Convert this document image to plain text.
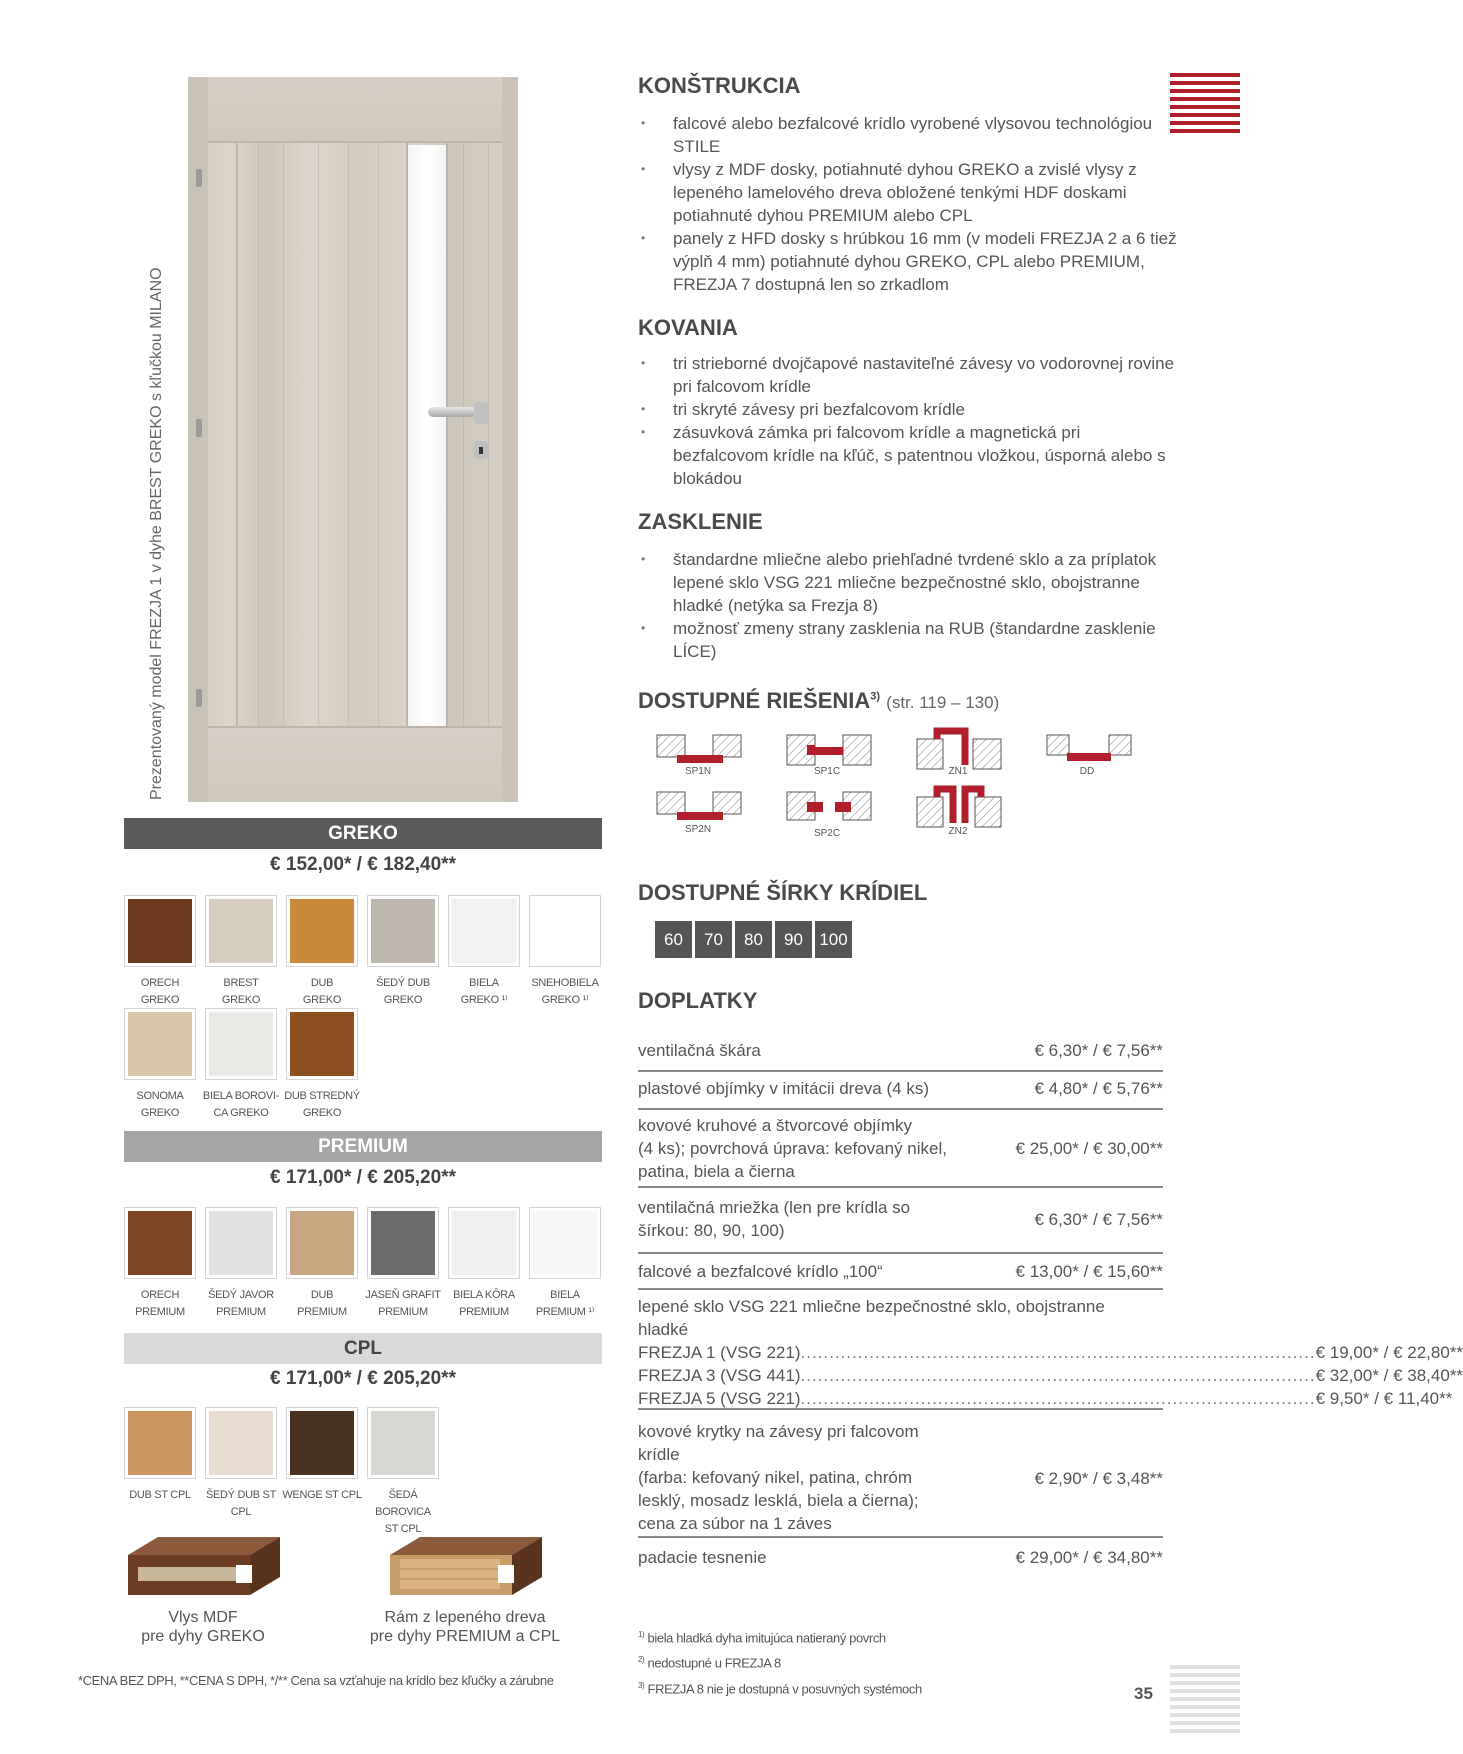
35
Prezentovaný model FREZJA 1 v dyhe BREST GREKO s kľučkou MILANO
GREKO
€ 152,00* / € 182,40**
ORECH
GREKO
BREST
GREKO
DUB
GREKO
ŠEDÝ DUB
GREKO
BIELA
GREKO ¹⁾
SNEHOBIELA
GREKO ¹⁾
SONOMA
GREKO
BIELA BOROVI-
CA GREKO
DUB STREDNÝ
GREKO
PREMIUM
€ 171,00* / € 205,20**
ORECH
PREMIUM
ŠEDÝ JAVOR
PREMIUM
DUB
PREMIUM
JASEŇ GRAFIT
PREMIUM
BIELA KÔRA
PREMIUM
BIELA
PREMIUM ¹⁾
CPL
€ 171,00* / € 205,20**
DUB ST CPL	ŠEDÝ DUB ST CPL
WENGE ST CPL	ŠEDÁ BOROVICA
ST CPL
Vlys MDF
pre dyhy GREKO
Rám z lepeného dreva
pre dyhy PREMIUM a CPL
*CENA BEZ DPH, **CENA S DPH, */** Cena sa vzťahuje na krídlo bez kľučky a zárubne
KONŠTRUKCIA
• falcové alebo bezfalcové krídlo vyrobené vlysovou technológiou STILE
• vlysy z MDF dosky, potiahnuté dyhou GREKO a zvislé vlysy z lepeného lamelového dreva obložené tenkými HDF doskami potiahnuté dyhou PREMIUM alebo CPL
• panely z HFD dosky s hrúbkou 16 mm (v modeli FREZJA 2 a 6 tiež výplň 4 mm) potiahnuté dyhou GREKO, CPL alebo PREMIUM, FREZJA 7 dostupná len so zrkadlom
KOVANIA
• tri strieborné dvojčapové nastaviteľné závesy vo vodorovnej rovine pri falcovom krídle
• tri skryté závesy pri bezfalcovom krídle
• zásuvková zámka pri falcovom krídle a magnetická pri bezfalcovom krídle na kľúč, s patentnou vložkou, úsporná alebo s blokádou
ZASKLENIE
• štandardne mliečne alebo priehľadné tvrdené sklo a za príplatok lepené sklo VSG 221 mliečne bezpečnostné sklo, obojstranne hladké (netýka sa Frezja 8)
• možnosť zmeny strany zasklenia na RUB (štandardne zasklenie LÍCE)
DOSTUPNÉ RIEŠENIA$^{3)}$ (str. 119 – 130)
SP1N	SP1C	ZN1	DD
SP2N	SP2C	ZN2
DOSTUPNÉ ŠÍRKY KRÍDIEL
60	70	80	90 100
DOPLATKY
ventilačná škára	€ 6,30* / € 7,56**
plastové objímky v imitácii dreva (4 ks)	€ 4,80* / € 5,76**
kovové kruhové a štvorcové objímky
(4 ks); povrchová úprava: kefovaný nikel,
patina, biela a čierna
€ 25,00* / € 30,00**
ventilačná mriežka (len pre krídla so
šírkou: 80, 90, 100)
€ 6,30* / € 7,56**
falcové a bezfalcové krídlo „100“	€ 13,00* / € 15,60**
lepené sklo VSG 221 mliečne bezpečnostné sklo, obojstranne
hladké
FREZJA 1 (VSG 221) .......................................................................................... € 19,00* / € 22,80**
FREZJA 3 (VSG 441) .......................................................................................... € 32,00* / € 38,40**
FREZJA 5 (VSG 221) .......................................................................................... € 9,50* / € 11,40**
kovové krytky na závesy pri falcovom
krídle
(farba: kefovaný nikel, patina, chróm
lesklý, mosadz lesklá, biela a čierna);
cena za súbor na 1 záves
€ 2,90* / € 3,48**
padacie tesnenie	€ 29,00* / € 34,80**
$^{1)}$ biela hladká dyha imitujúca natieraný povrch
$^{2)}$ nedostupné u FREZJA 8
$^{3)}$ FREZJA 8 nie je dostupná v posuvných systémoch
